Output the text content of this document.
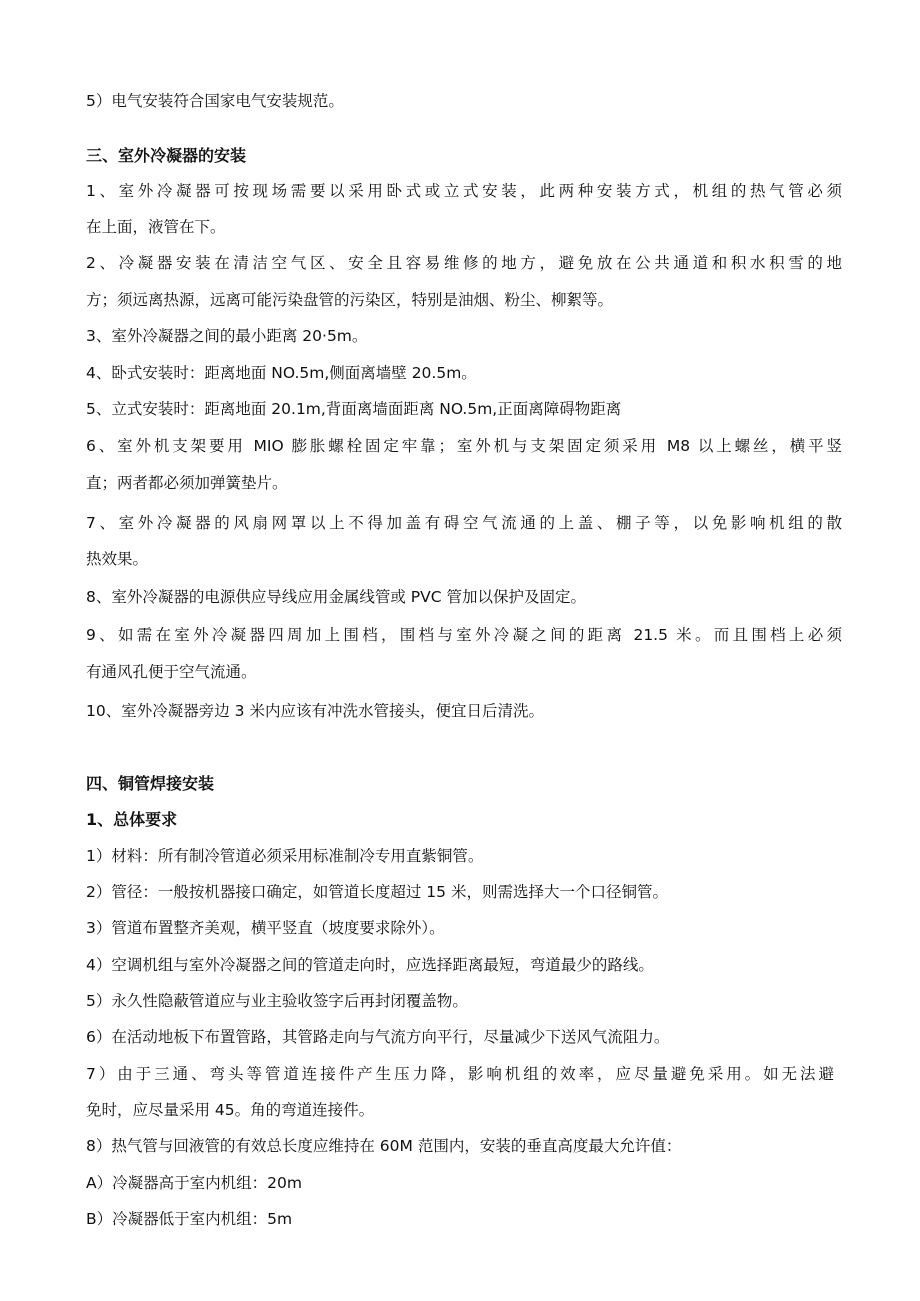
5）电气安装符合国家电气安装规范。
三、室外冷凝器的安装
1、室外冷凝器可按现场需要以采用卧式或立式安装，此两种安装方式，机组的热气管必须
在上面，液管在下。
2、冷凝器安装在清洁空气区、安全且容易维修的地方，避免放在公共通道和积水积雪的地
方；须远离热源，远离可能污染盘管的污染区，特别是油烟、粉尘、柳絮等。
3、室外冷凝器之间的最小距离 20·5m。
4、卧式安装时：距离地面 NO.5m,侧面离墙壁 20.5m。
5、立式安装时：距离地面 20.1m,背面离墙面距离 NO.5m,正面离障碍物距离
6、室外机支架要用 MIO 膨胀螺栓固定牢靠；室外机与支架固定须采用 M8 以上螺丝，横平竖
直；两者都必须加弹簧垫片。
7、室外冷凝器的风扇网罩以上不得加盖有碍空气流通的上盖、棚子等，以免影响机组的散
热效果。
8、室外冷凝器的电源供应导线应用金属线管或 PVC 管加以保护及固定。
9、如需在室外冷凝器四周加上围档，围档与室外冷凝之间的距离 21.5 米。而且围档上必须
有通风孔便于空气流通。
10、室外冷凝器旁边 3 米内应该有冲洗水管接头，便宜日后清洗。
四、铜管焊接安装
1、总体要求
1）材料：所有制冷管道必须采用标准制冷专用直紫铜管。
2）管径：一般按机器接口确定，如管道长度超过 15 米，则需选择大一个口径铜管。
3）管道布置整齐美观，横平竖直（坡度要求除外）。
4）空调机组与室外冷凝器之间的管道走向时，应选择距离最短，弯道最少的路线。
5）永久性隐蔽管道应与业主验收签字后再封闭覆盖物。
6）在活动地板下布置管路，其管路走向与气流方向平行，尽量减少下送风气流阻力。
7）由于三通、弯头等管道连接件产生压力降，影响机组的效率，应尽量避免采用。如无法避
免时，应尽量采用 45。角的弯道连接件。
8）热气管与回液管的有效总长度应维持在 60M 范围内，安装的垂直高度最大允许值：
A）冷凝器高于室内机组：20m
B）冷凝器低于室内机组：5m
